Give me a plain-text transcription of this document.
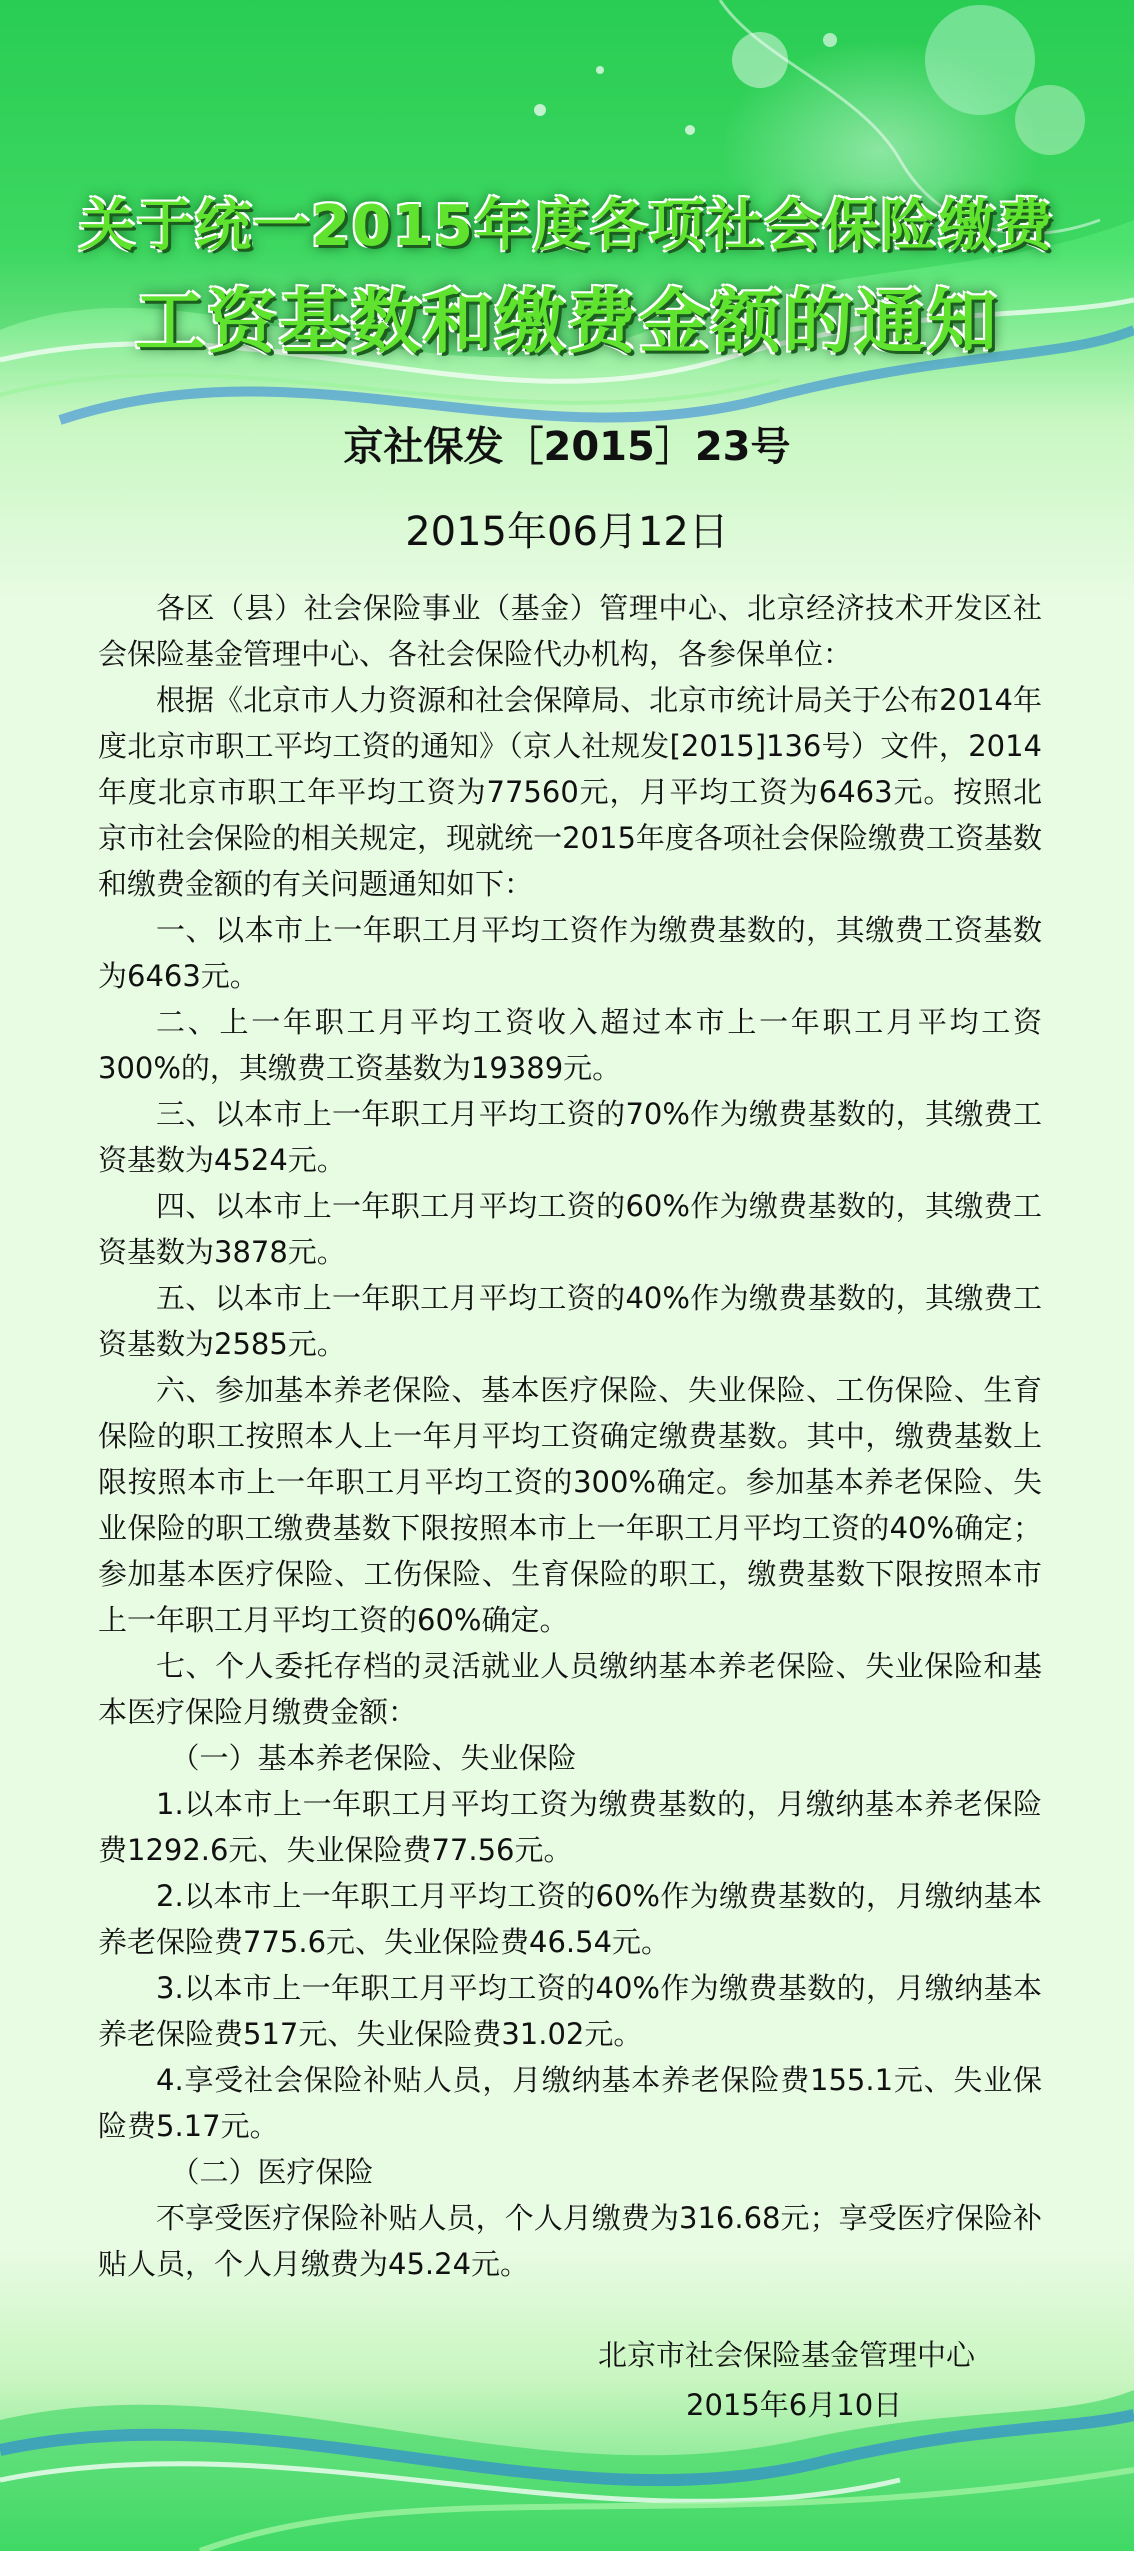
关于统一2015年度各项社会保险缴费
工资基数和缴费金额的通知
京社保发［2015］23号
2015年06月12日

各区（县）社会保险事业（基金）管理中心、北京经济技术开发区社会保险基金管理中心、各社会保险代办机构，各参保单位：

根据《北京市人力资源和社会保障局、北京市统计局关于公布2014年度北京市职工平均工资的通知》（京人社规发[2015]136号）文件，2014年度北京市职工年平均工资为77560元，月平均工资为6463元。按照北京市社会保险的相关规定，现就统一2015年度各项社会保险缴费工资基数和缴费金额的有关问题通知如下：

一、以本市上一年职工月平均工资作为缴费基数的，其缴费工资基数为6463元。

二、上一年职工月平均工资收入超过本市上一年职工月平均工资300%的，其缴费工资基数为19389元。

三、以本市上一年职工月平均工资的70%作为缴费基数的，其缴费工资基数为4524元。

四、以本市上一年职工月平均工资的60%作为缴费基数的，其缴费工资基数为3878元。

五、以本市上一年职工月平均工资的40%作为缴费基数的，其缴费工资基数为2585元。

六、参加基本养老保险、基本医疗保险、失业保险、工伤保险、生育保险的职工按照本人上一年月平均工资确定缴费基数。其中，缴费基数上限按照本市上一年职工月平均工资的300%确定。参加基本养老保险、失业保险的职工缴费基数下限按照本市上一年职工月平均工资的40%确定；参加基本医疗保险、工伤保险、生育保险的职工，缴费基数下限按照本市上一年职工月平均工资的60%确定。

七、个人委托存档的灵活就业人员缴纳基本养老保险、失业保险和基本医疗保险月缴费金额：

（一）基本养老保险、失业保险

1.以本市上一年职工月平均工资为缴费基数的，月缴纳基本养老保险费1292.6元、失业保险费77.56元。

2.以本市上一年职工月平均工资的60%作为缴费基数的，月缴纳基本养老保险费775.6元、失业保险费46.54元。

3.以本市上一年职工月平均工资的40%作为缴费基数的，月缴纳基本养老保险费517元、失业保险费31.02元。

4.享受社会保险补贴人员，月缴纳基本养老保险费155.1元、失业保险费5.17元。

（二）医疗保险

不享受医疗保险补贴人员，个人月缴费为316.68元；享受医疗保险补贴人员，个人月缴费为45.24元。

北京市社会保险基金管理中心
2015年6月10日
